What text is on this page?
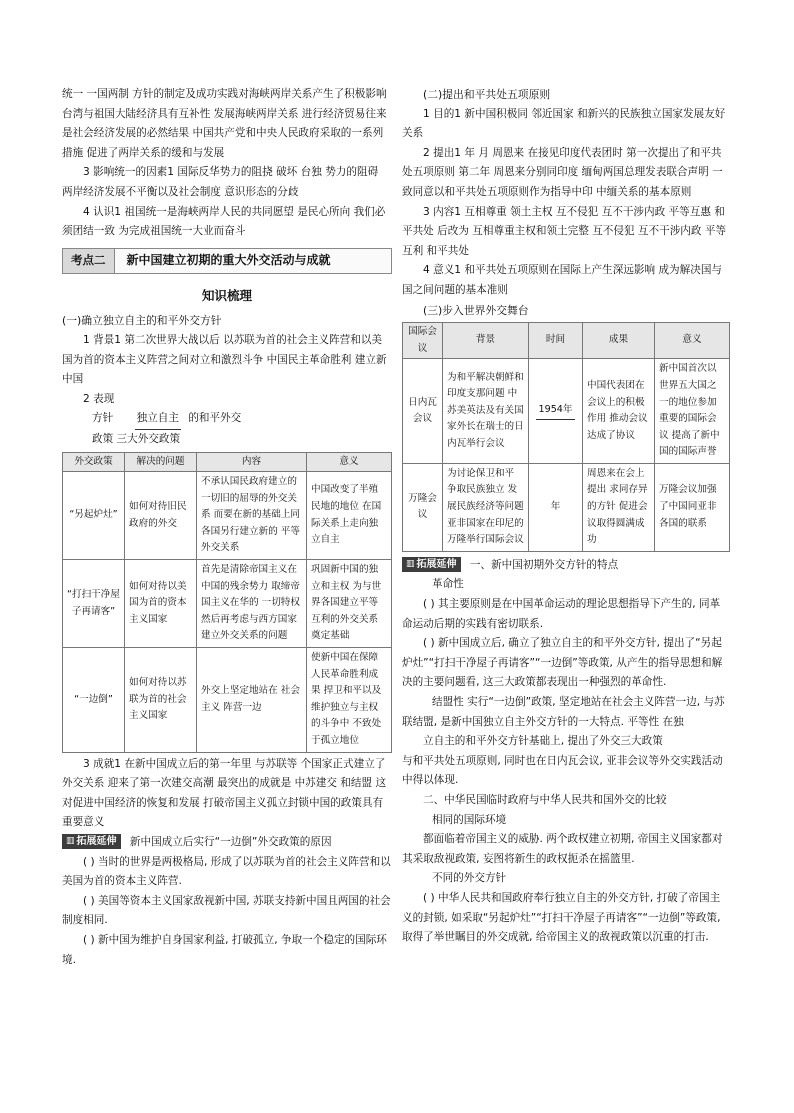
统一 一国两制 方针的制定及成功实践对海峡两岸关系产生了积极影响 台湾与祖国大陆经济具有互补性 发展海峡两岸关系 进行经济贸易往来是社会经济发展的必然结果 中国共产党和中央人民政府采取的一系列措施 促进了两岸关系的缓和与发展

3 影响统一的因素1 国际反华势力的阻挠 破坏 台独 势力的阻碍 两岸经济发展不平衡以及社会制度 意识形态的分歧

4 认识1 祖国统一是海峡两岸人民的共同愿望 是民心所向 我们必须团结一致 为完成祖国统一大业而奋斗

考点二	新中国建立初期的重大外交活动与成就
知识梳理

(一)确立独立自主的和平外交方针

1 背景1 第二次世界大战以后 以苏联为首的社会主义阵营和以美国为首的资本主义阵营之间对立和激烈斗争 中国民主革命胜利 建立新中国

2 表现

方针 独立自主 的和平外交

政策 三大外交政策

外交政策	解决的问题	内容	意义
“另起炉灶”	如何对待旧民政府的外交	不承认国民政府建立的一切旧的屈辱的外交关系 而要在新的基础上同各国另行建立新的 平等 外交关系	中国改变了半殖民地的地位 在国际关系上走向独立自主
“打扫干净屋子再请客”	如何对待以美国为首的资本主义国家	首先是清除帝国主义在中国的残余势力 取缔帝国主义在华的 一切特权 然后再考虑与西方国家建立外交关系的问题	巩固新中国的独立和主权 为与世界各国建立平等互利的外交关系奠定基础
“一边倒”	如何对待以苏联为首的社会主义国家	外交上坚定地站在 社会主义 阵营一边	使新中国在保障人民革命胜利成果 捍卫和平以及维护独立与主权的斗争中 不致处于孤立地位

3 成就1 在新中国成立后的第一年里 与苏联等 个国家正式建立了外交关系 迎来了第一次建交高潮 最突出的成就是 中苏建交 和结盟 这对促进中国经济的恢复和发展 打破帝国主义孤立封锁中国的政策具有重要意义

▥ 拓展延伸 新中国成立后实行“一边倒”外交政策的原因

( ) 当时的世界是两极格局, 形成了以苏联为首的社会主义阵营和以美国为首的资本主义阵营.

( ) 美国等资本主义国家敌视新中国, 苏联支持新中国且两国的社会制度相同.

( ) 新中国为维护自身国家利益, 打破孤立, 争取一个稳定的国际环境.

(二)提出和平共处五项原则

1 目的1 新中国积极同 邻近国家 和新兴的民族独立国家发展友好关系

2 提出1 年 月 周恩来 在接见印度代表团时 第一次提出了和平共处五项原则 第二年 周恩来分别同印度 缅甸两国总理发表联合声明 一致同意以和平共处五项原则作为指导中印 中缅关系的基本原则

3 内容1 互相尊重 领土主权 互不侵犯 互不干涉内政 平等互惠 和平共处 后改为 互相尊重主权和领土完整 互不侵犯 互不干涉内政 平等互利 和平共处

4 意义1 和平共处五项原则在国际上产生深远影响 成为解决国与国之间问题的基本准则

(三)步入世界外交舞台

国际会议	背景	时间	成果	意义
日内瓦会议	为和平解决朝鲜和印度支那问题 中苏美英法及有关国家外长在瑞士的日内瓦举行会议	1954年	中国代表团在会议上的积极作用 推动会议达成了协议	新中国首次以世界五大国之一的地位参加重要的国际会议 提高了新中国的国际声誉
万隆会议	为讨论保卫和平 争取民族独立 发展民族经济等问题 亚非国家在印尼的万隆举行国际会议	年	周恩来在会上提出 求同存异 的方针 促进会议取得圆满成功	万隆会议加强了中国同亚非各国的联系

▥ 拓展延伸 一、新中国初期外交方针的特点

革命性

( ) 其主要原则是在中国革命运动的理论思想指导下产生的, 同革命运动后期的实践有密切联系.

( ) 新中国成立后, 确立了独立自主的和平外交方针, 提出了“另起炉灶”“打扫干净屋子再请客”“一边倒”等政策, 从产生的指导思想和解决的主要问题看, 这三大政策都表现出一种强烈的革命性.

结盟性 实行“一边倒”政策, 坚定地站在社会主义阵营一边, 与苏

联结盟, 是新中国独立自主外交方针的一大特点. 平等性 在独

立自主的和平外交方针基础上, 提出了外交三大政策

与和平共处五项原则, 同时也在日内瓦会议, 亚非会议等外交实践活动中得以体现.

二、中华民国临时政府与中华人民共和国外交的比较

相同的国际环境

都面临着帝国主义的威胁. 两个政权建立初期, 帝国主义国家都对其采取敌视政策, 妄图将新生的政权扼杀在摇篮里.

不同的外交方针

( ) 中华人民共和国政府奉行独立自主的外交方针, 打破了帝国主义的封锁, 如采取“另起炉灶”“打扫干净屋子再请客”“一边倒”等政策, 取得了举世瞩目的外交成就, 给帝国主义的敌视政策以沉重的打击.
